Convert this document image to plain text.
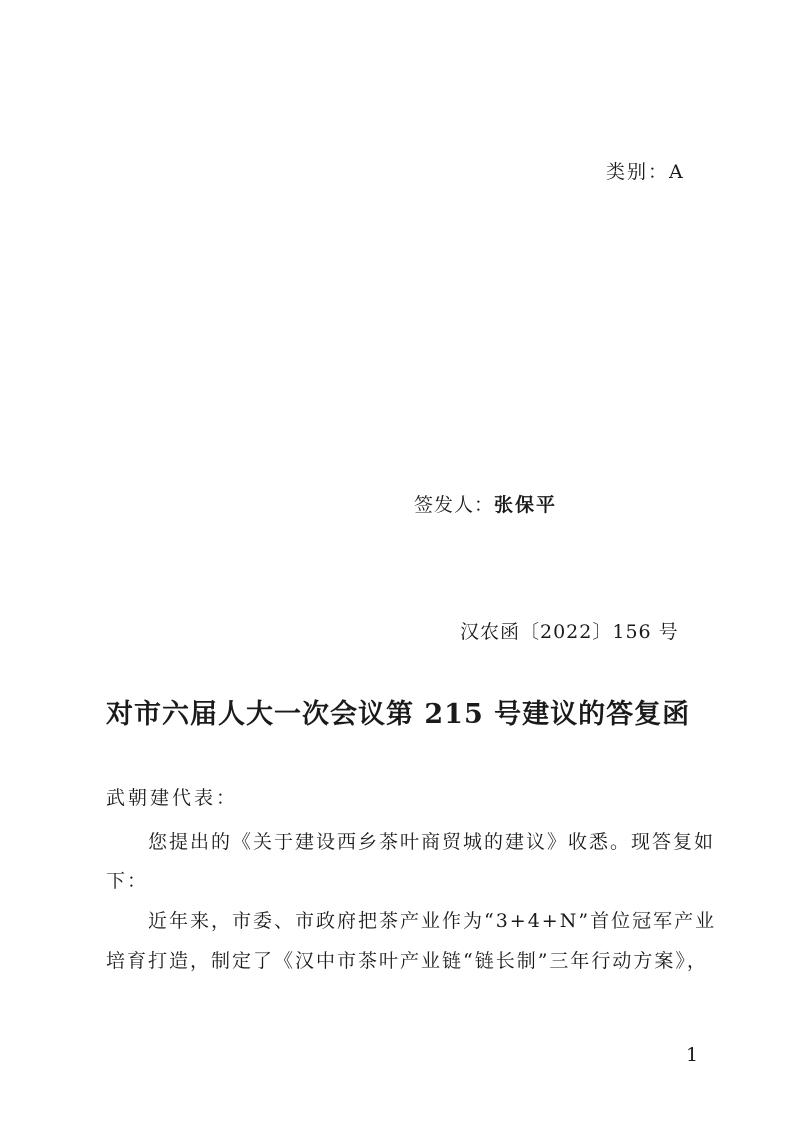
类别：A
签发人：张保平
汉农函〔2022〕156 号
对市六届人大一次会议第 215 号建议的答复函
武朝建代表：
您提出的《关于建设西乡茶叶商贸城的建议》收悉。现答复如
下：
近年来，市委、市政府把茶产业作为“3+4+N”首位冠军产业
培育打造，制定了《汉中市茶叶产业链“链长制”三年行动方案》，
1
